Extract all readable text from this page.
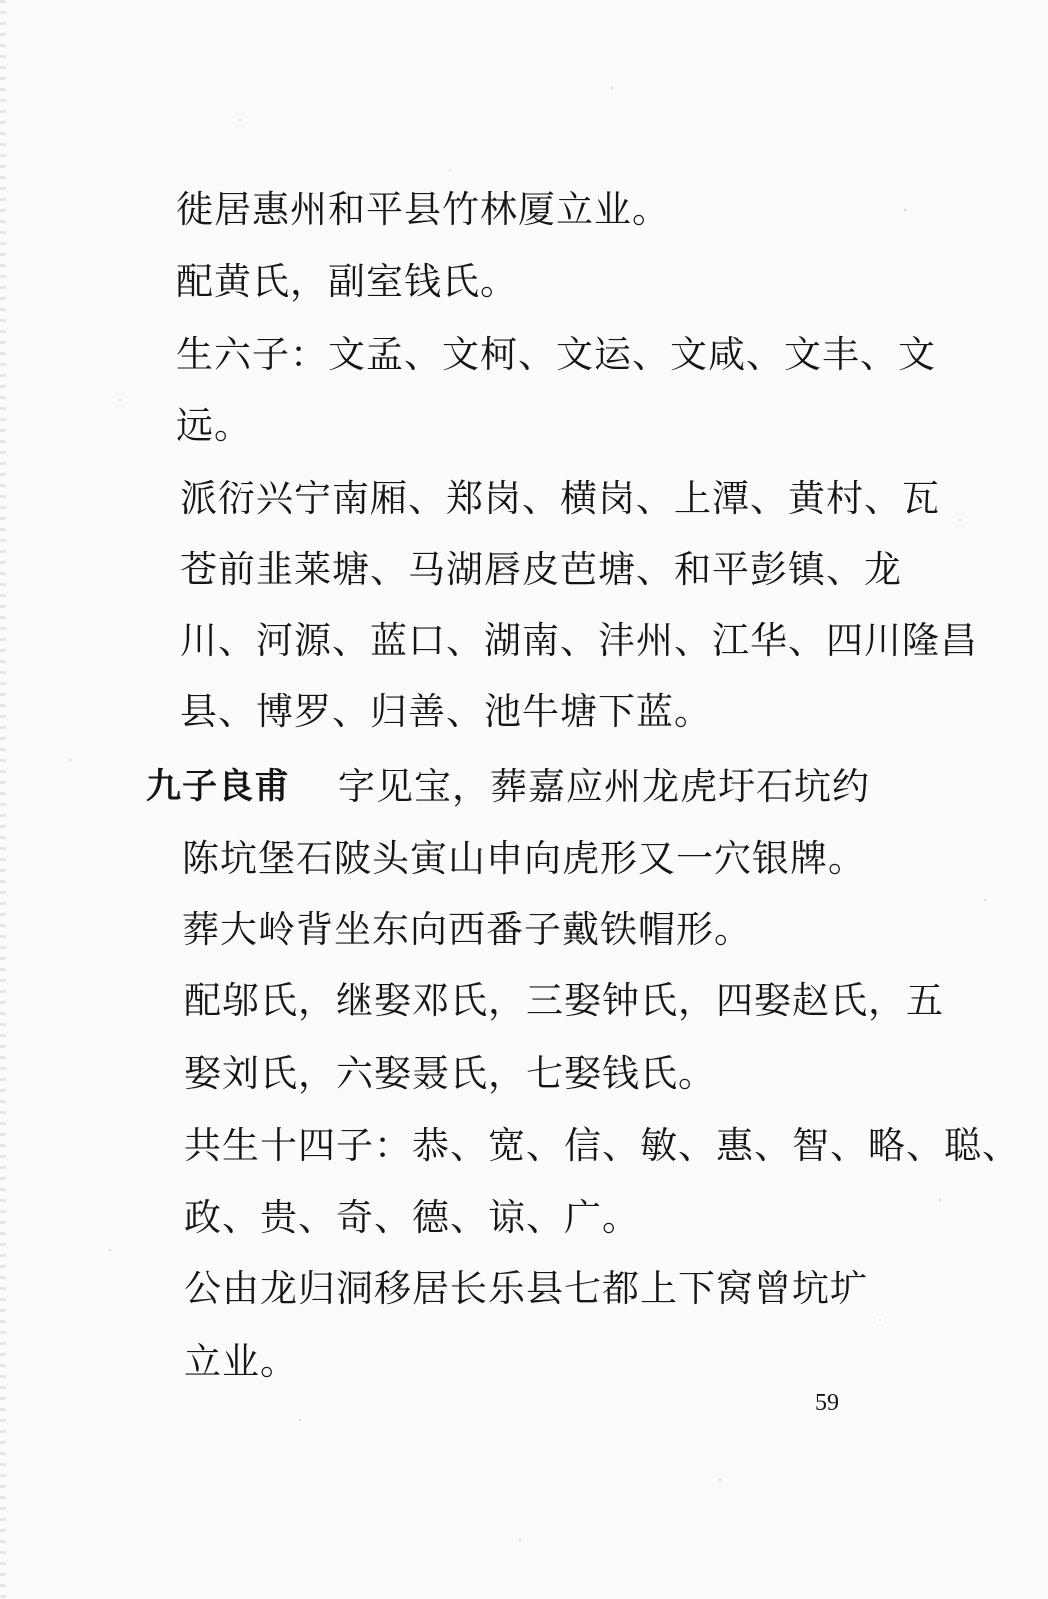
徙居惠州和平县竹林厦立业。
配黄氏，副室钱氏。
生六子：文孟、文柯、文运、文咸、文丰、文
远。
派衍兴宁南厢、郑岗、横岗、上潭、黄村、瓦
苍前韭莱塘、马湖唇皮芭塘、和平彭镇、龙
川、河源、蓝口、湖南、沣州、江华、四川隆昌
县、博罗、归善、池牛塘下蓝。
九子良甫 字见宝，葬嘉应州龙虎圩石坑约
陈坑堡石陂头寅山申向虎形又一穴银牌。
葬大岭背坐东向西番子戴铁帽形。
配邬氏，继娶邓氏，三娶钟氏，四娶赵氏，五
娶刘氏，六娶聂氏，七娶钱氏。
共生十四子：恭、宽、信、敏、惠、智、略、聪、
政、贵、奇、德、谅、广。
公由龙归洞移居长乐县七都上下窝曾坑圹
立业。
59
